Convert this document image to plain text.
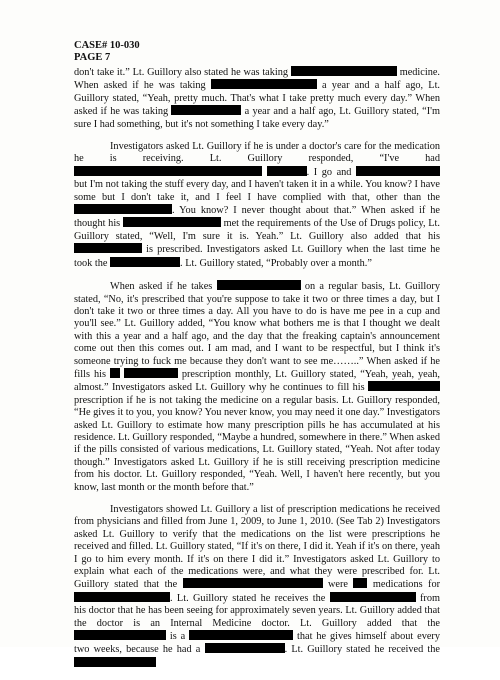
CASE# 10-030
PAGE 7

don't take it.” Lt. Guillory also stated he was taking	medicine. When asked if he was taking	a year and a half ago, Lt. Guillory stated, “Yeah, pretty much. That's what I take pretty much every day.” When asked if he was taking	a year and a half ago, Lt. Guillory stated, “I'm sure I had something, but it's not something I take every day.”

Investigators asked Lt. Guillory if he is under a doctor's care for the medication he is receiving. Lt. Guillory responded, “I've had  . I go and  but I'm not taking the stuff every day, and I haven't taken it in a while. You know? I have some but I don't take it, and I feel I have complied with that, other than the . You know? I never thought about that.” When asked if he thought his	met the requirements of the Use of Drugs policy, Lt. Guillory stated, “Well, I'm sure it is. Yeah.” Lt. Guillory also added that his  is prescribed. Investigators asked Lt. Guillory when the last time he took the	. Lt. Guillory stated, “Probably over a month.”

When asked if he takes	on a regular basis, Lt. Guillory stated, “No, it's prescribed that you're suppose to take it two or three times a day, but I don't take it two or three times a day. All you have to do is have me pee in a cup and you'll see.” Lt. Guillory added, “You know what bothers me is that I thought we dealt with this a year and a half ago, and the day that the freaking captain's announcement come out then this comes out. I am mad, and I want to be respectful, but I think it's someone trying to fuck me because they don't want to see me……..” When asked if he fills his	prescription monthly, Lt. Guillory stated, “Yeah, yeah, yeah, almost.” Investigators asked Lt. Guillory why he continues to fill his  prescription if he is not taking the medicine on a regular basis. Lt. Guillory responded, “He gives it to you, you know? You never know, you may need it one day.” Investigators asked Lt. Guillory to estimate how many prescription pills he has accumulated at his residence. Lt. Guillory responded, “Maybe a hundred, somewhere in there.” When asked if the pills consisted of various medications, Lt. Guillory stated, “Yeah. Not after today though.” Investigators asked Lt. Guillory if he is still receiving prescription medicine from his doctor. Lt. Guillory responded, “Yeah. Well, I haven't here recently, but you know, last month or the month before that.”

Investigators showed Lt. Guillory a list of prescription medications he received from physicians and filled from June 1, 2009, to June 1, 2010. (See Tab 2) Investigators asked Lt. Guillory to verify that the medications on the list were prescriptions he received and filled. Lt. Guillory stated, “If it's on there, I did it. Yeah if it's on there, yeah I go to him every month. If it's on there I did it.” Investigators asked Lt. Guillory to explain what each of the medications were, and what they were prescribed for. Lt. Guillory stated that the	were medications for . Lt. Guillory stated he receives the	from his doctor that he has been seeing for approximately seven years. Lt. Guillory added that the doctor is an Internal Medicine doctor. Lt. Guillory added that the  is a	that he gives himself about every two weeks, because he had a	. Lt. Guillory stated he received the
